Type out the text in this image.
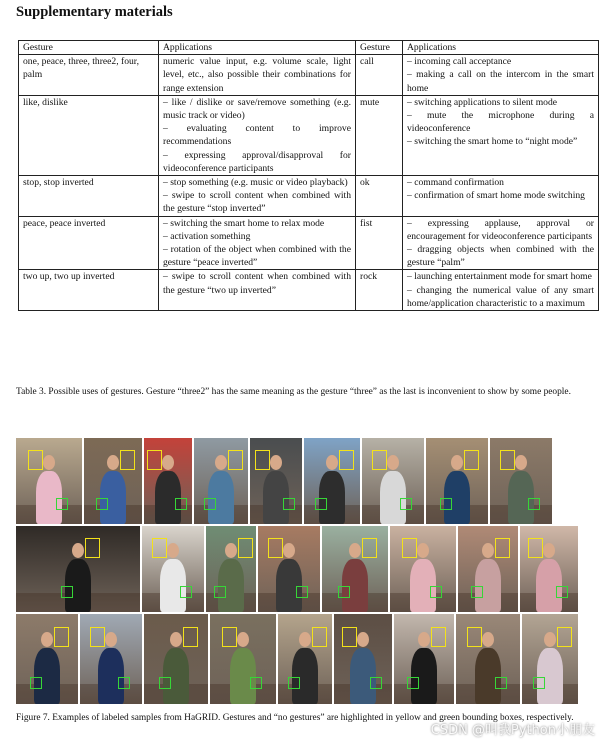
Supplementary materials
Gesture	Applications	Gesture	Applications
one, peace, three, three2, four, palm	numeric value input, e.g. volume scale, light level, etc., also possible their combinations for range extension	call	– incoming call acceptance
– making a call on the intercom in the smart home

like, dislike	– like / dislike or save/remove something (e.g. music track or video)
– evaluating content to improve recommendations
– expressing approval/disapproval for videoconference participants	mute	– switching applications to silent mode
– mute the microphone during a videoconference
– switching the smart home to “night mode”

stop, stop inverted	– stop something (e.g. music or video playback)
– swipe to scroll content when combined with the gesture “stop inverted”	ok	– command confirmation
– confirmation of smart home mode switching

peace, peace inverted	– switching the smart home to relax mode
– activation something
– rotation of the object when combined with the gesture “peace inverted”	fist	– expressing applause, approval or encouragement for videoconference participants
– dragging objects when combined with the gesture “palm”

two up, two up inverted	– swipe to scroll content when combined with the gesture “two up inverted”	rock	– launching entertainment mode for smart home
– changing the numerical value of any smart home/application characteristic to a maximum
Table 3. Possible uses of gestures. Gesture “three2” has the same meaning as the gesture “three” as the last is inconvenient to show by some people.
Figure 7. Examples of labeled samples from HaGRID. Gestures and “no gestures” are highlighted in yellow and green bounding boxes, respectively.
CSDN @叫我Python小朋友
